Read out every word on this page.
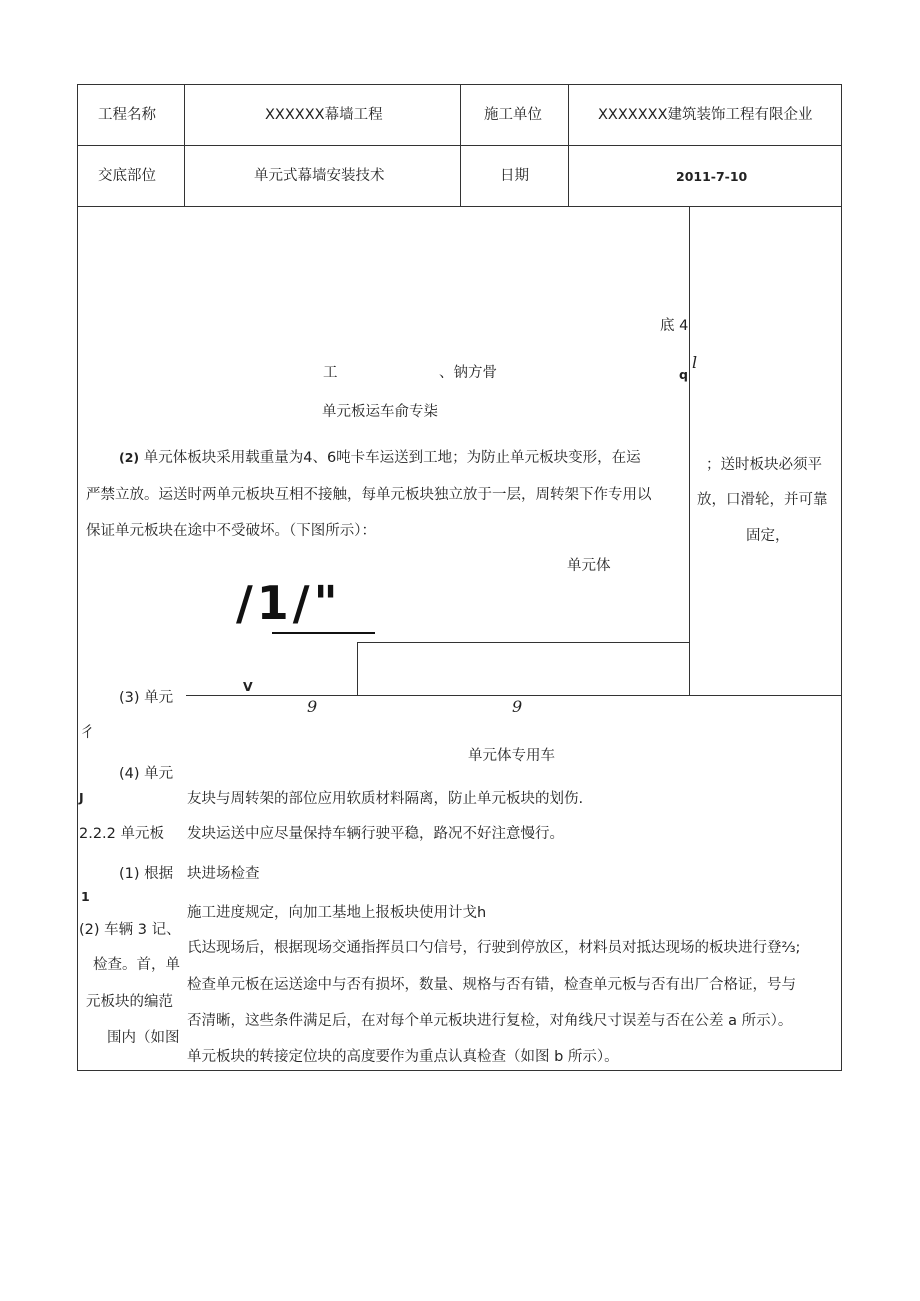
工程名称	XXXXXX幕墙工程	施工单位	XXXXXXX建筑装饰工程有限企业
交底部位	单元式幕墙安装技术	日期	2011-7-10
底 4
工	、钠方骨	q
l
单元板运车俞专柒
(2) 单元体板块采用载重量为4、6吨卡车运送到工地；为防止单元板块变形，在运
严禁立放。运送时两单元板块互相不接触，每单元板块独立放于一层，周转架下作专用以
保证单元板块在途中不受破坏。（下图所示）：
；送时板块必须平
放，口滑轮，并可靠
固定，
单元体
/1/"
V
9	9
(3) 单元
彳
单元体专用车
(4) 单元
J	友块与周转架的部位应用软质材料隔离，防止单元板块的划伤.
2.2.2 单元板 发块运送中应尽量保持车辆行驶平稳，路况不好注意慢行。
(1) 根据 块进场检查
1
施工进度规定，向加工基地上报板块使用计戈h
(2) 车辆 3 记、
氏达现场后，根据现场交通指挥员口勺信号，行驶到停放区，材料员对抵达现场的板块进行登⅔;
检查。首，单
检查单元板在运送途中与否有损坏，数量、规格与否有错，检查单元板与否有出厂合格证，号与
元板块的编范
否清晰，这些条件满足后，在对每个单元板块进行复检，对角线尺寸误差与否在公差 a 所示）。
围内（如图
单元板块的转接定位块的高度要作为重点认真检查（如图 b 所示）。
